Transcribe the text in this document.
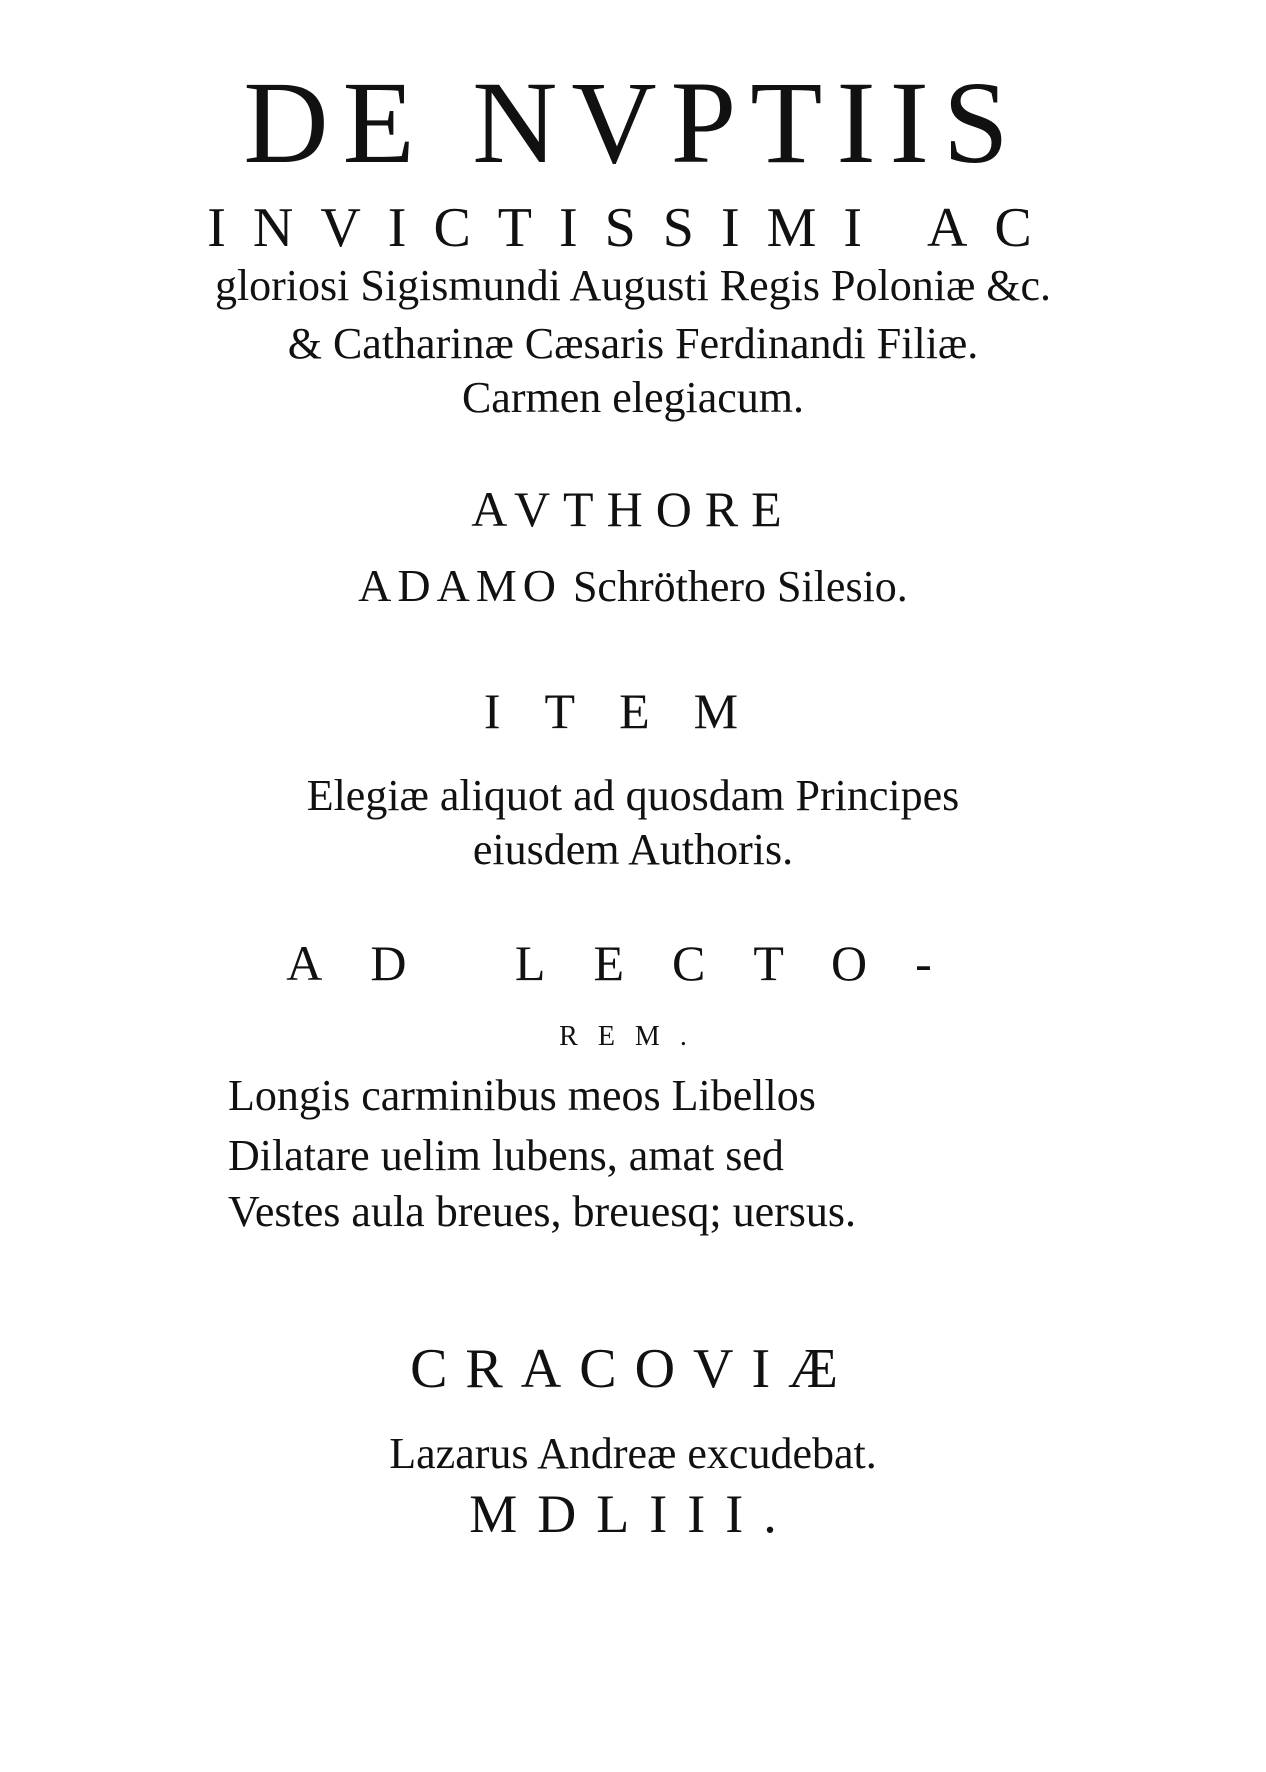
DE NVPTIIS
INVICTISSIMI AC
gloriosi Sigismundi Augusti Regis Poloniæ &c.
& Catharinæ Cæsaris Ferdinandi Filiæ.
Carmen elegiacum.
AVTHORE
ADAMO Schröthero Silesio.
ITEM
Elegiæ aliquot ad quosdam Principes
eiusdem Authoris.
AD LECTO-
REM.
Longis carminibus meos Libellos
Dilatare uelim lubens, amat sed
Vestes aula breues, breuesq; uersus.
CRACOVIÆ
Lazarus Andreæ excudebat.
MDLIII.
